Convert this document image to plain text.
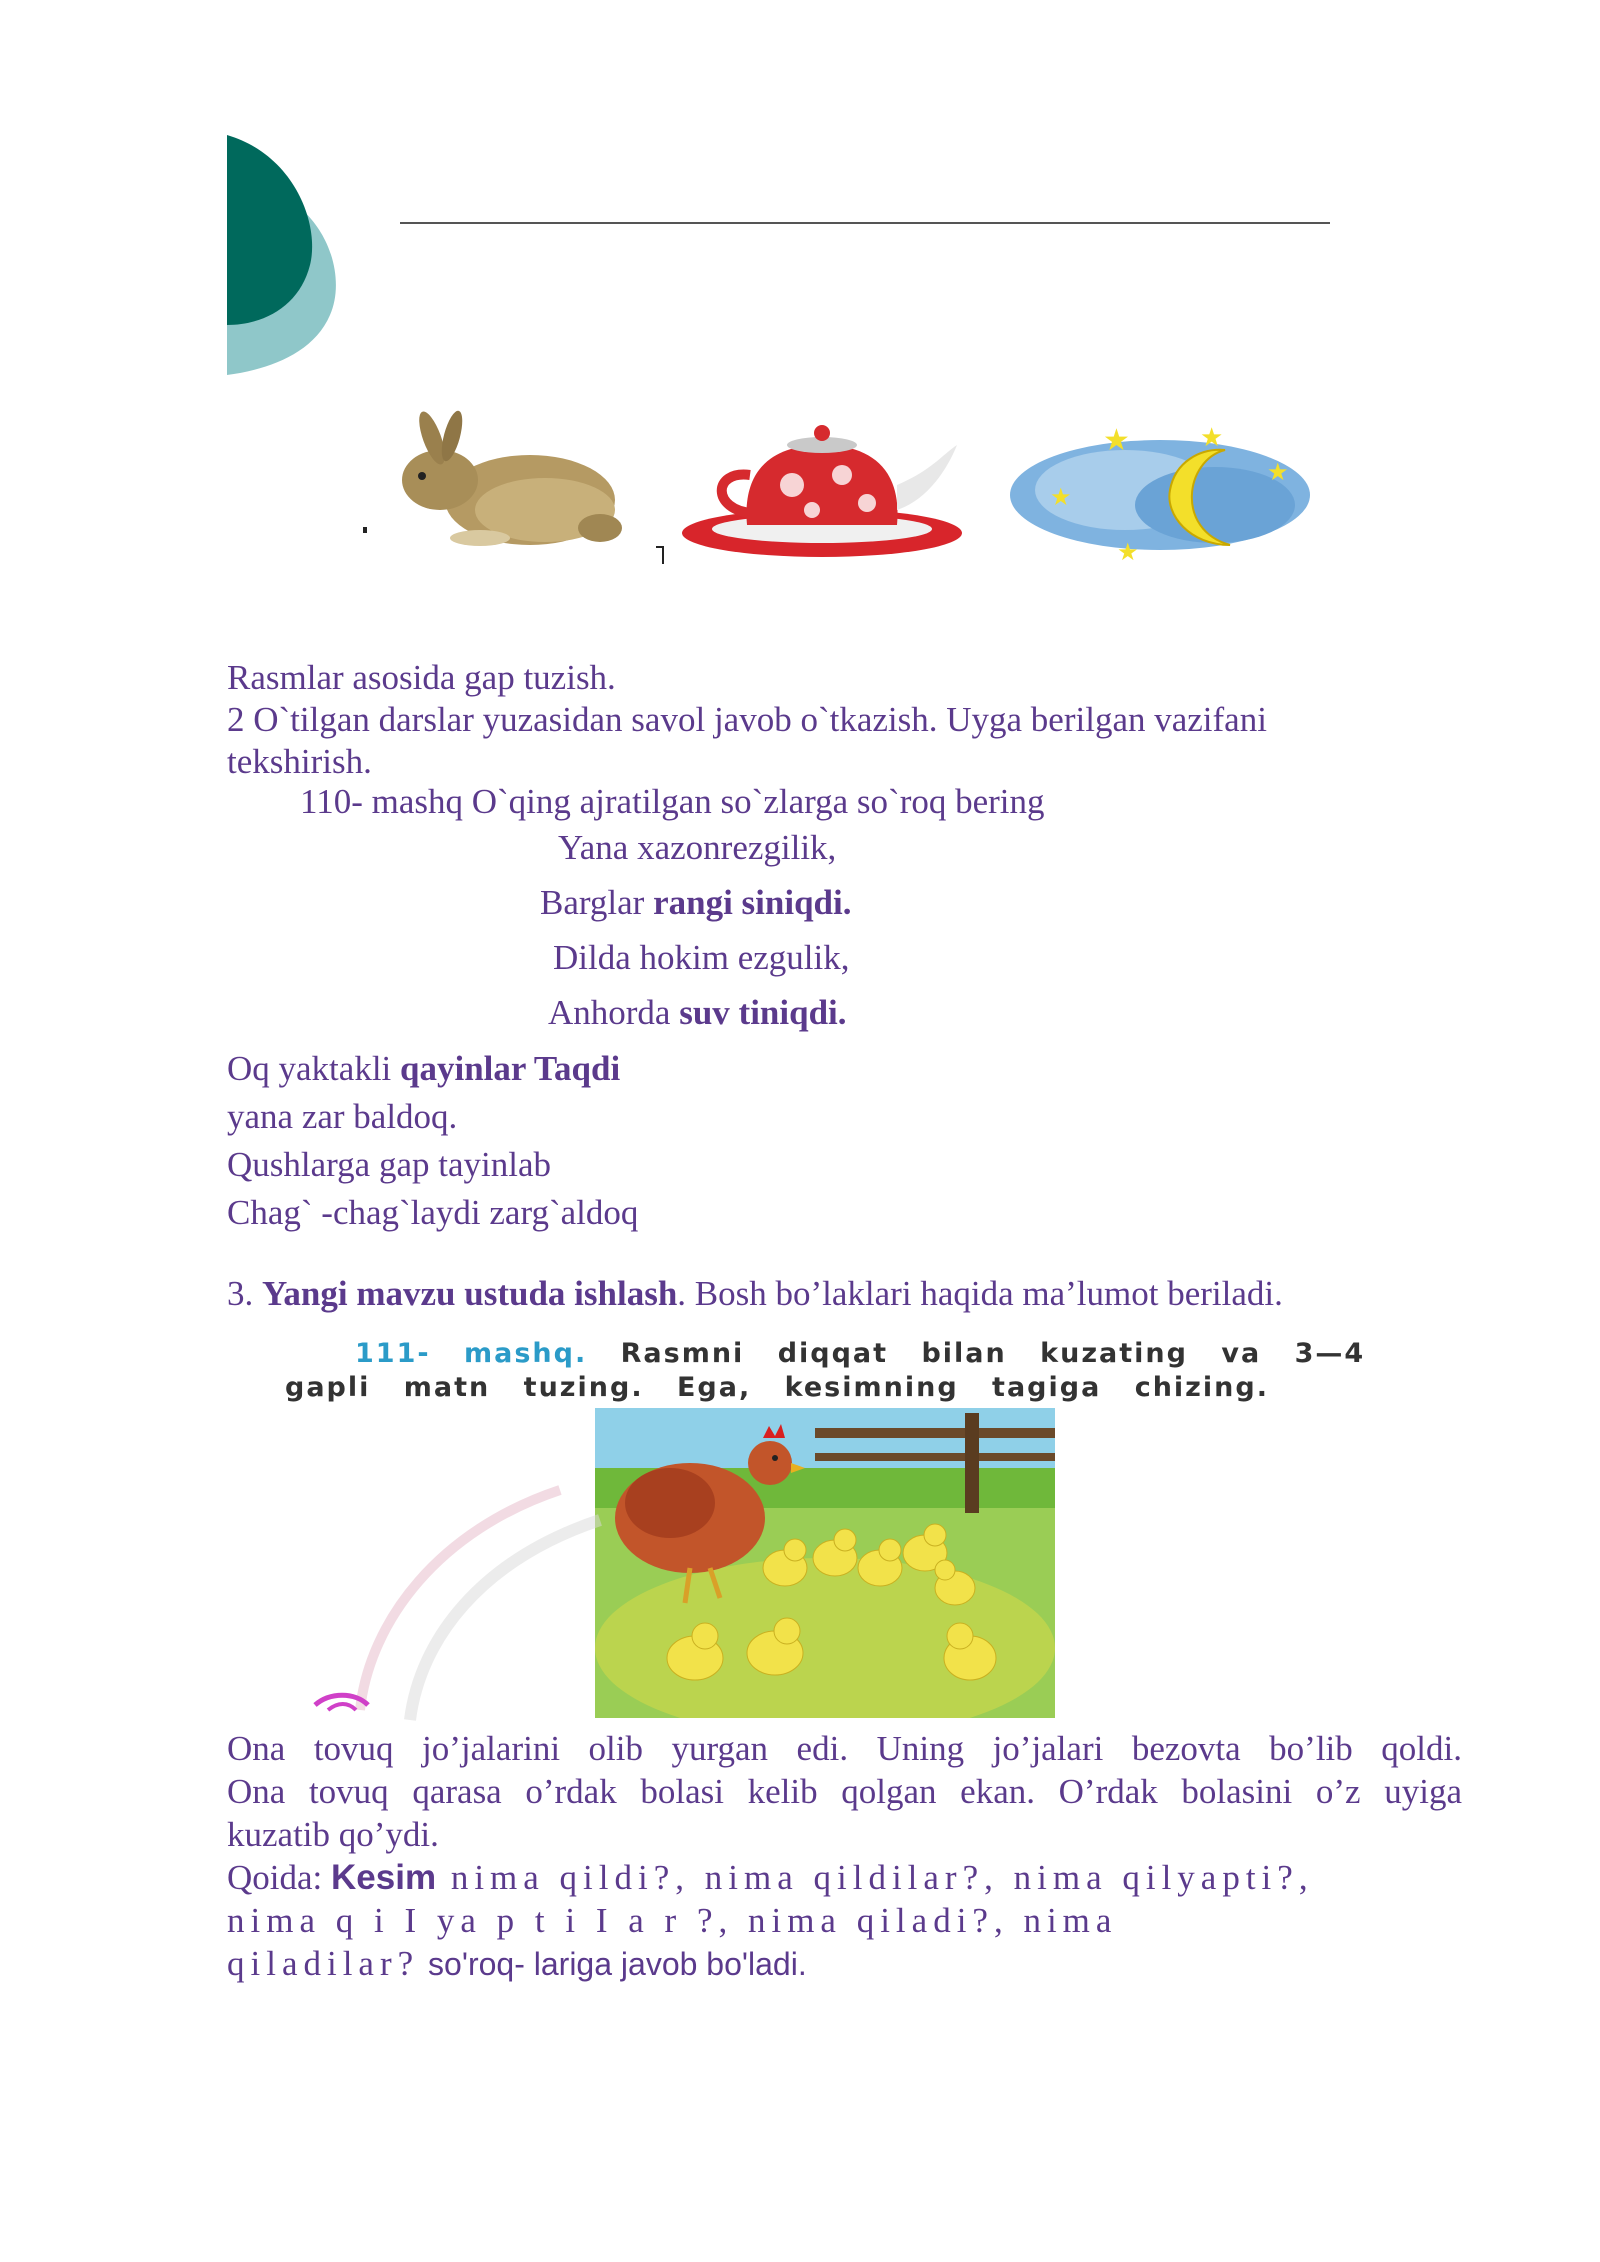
★	★
★
★
★
Rasmlar asosida gap tuzish.
2 O`tilgan darslar yuzasidan savol javob o`tkazish. Uyga berilgan vazifani
tekshirish.
110- mashq O`qing ajratilgan so`zlarga so`roq bering
Yana xazonrezgilik,
Barglar rangi siniqdi.
Dilda hokim ezgulik,
Anhorda suv tiniqdi.
Oq yaktakli qayinlar Taqdi
yana zar baldoq.
Qushlarga gap tayinlab
Chag` -chag`laydi zarg`aldoq
3. Yangi mavzu ustuda ishlash. Bosh bo’laklari haqida ma’lumot beriladi.
111- mashq. Rasmni diqqat bilan kuzating va 3—4
gapli matn tuzing. Ega, kesimning tagiga chizing.
Ona tovuq jo’jalarini olib yurgan edi. Uning jo’jalari bezovta bo’lib qoldi.
Ona tovuq qarasa o’rdak bolasi kelib qolgan ekan. O’rdak bolasini o’z uyiga
kuzatib qo’ydi.
Qoida: Kesim nima qildi?, nima qildilar?, nima qilyapti?,
nima q i I ya p t i I a r ?, nima qiladi?, nima
qiladilar? so'roq- lariga javob bo'ladi.
